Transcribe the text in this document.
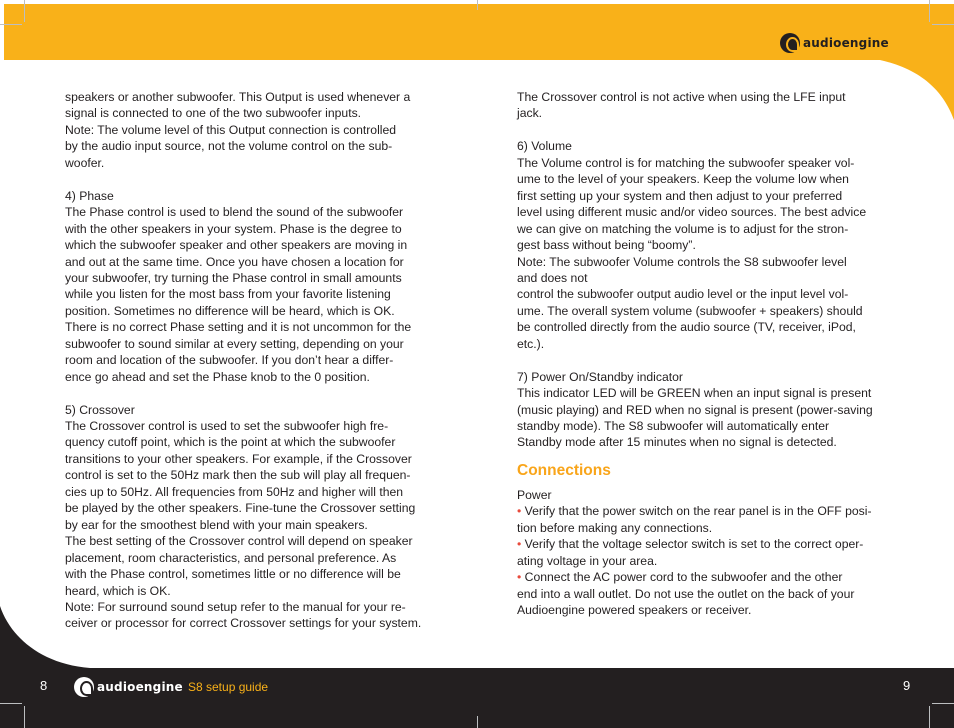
audioengine

speakers or another subwoofer. This Output is used whenever a

signal is connected to one of the two subwoofer inputs.

Note: The volume level of this Output connection is controlled

by the audio input source, not the volume control on the sub-

woofer.

4) Phase

The Phase control is used to blend the sound of the subwoofer

with the other speakers in your system. Phase is the degree to

which the subwoofer speaker and other speakers are moving in

and out at the same time. Once you have chosen a location for

your subwoofer, try turning the Phase control in small amounts

while you listen for the most bass from your favorite listening

position. Sometimes no difference will be heard, which is OK.

There is no correct Phase setting and it is not uncommon for the

subwoofer to sound similar at every setting, depending on your

room and location of the subwoofer. If you don’t hear a differ-

ence go ahead and set the Phase knob to the 0 position.

5) Crossover

The Crossover control is used to set the subwoofer high fre-

quency cutoff point, which is the point at which the subwoofer

transitions to your other speakers. For example, if the Crossover

control is set to the 50Hz mark then the sub will play all frequen-

cies up to 50Hz. All frequencies from 50Hz and higher will then

be played by the other speakers. Fine-tune the Crossover setting

by ear for the smoothest blend with your main speakers.

The best setting of the Crossover control will depend on speaker

placement, room characteristics, and personal preference. As

with the Phase control, sometimes little or no difference will be

heard, which is OK.

Note: For surround sound setup refer to the manual for your re-

ceiver or processor for correct Crossover settings for your system.

The Crossover control is not active when using the LFE input

jack.

6) Volume

The Volume control is for matching the subwoofer speaker vol-

ume to the level of your speakers. Keep the volume low when

first setting up your system and then adjust to your preferred

level using different music and/or video sources. The best advice

we can give on matching the volume is to adjust for the stron-

gest bass without being “boomy”.

Note: The subwoofer Volume controls the S8 subwoofer level

and does not

control the subwoofer output audio level or the input level vol-

ume. The overall system volume (subwoofer + speakers) should

be controlled directly from the audio source (TV, receiver, iPod,

etc.).

7) Power On/Standby indicator

This indicator LED will be GREEN when an input signal is present

(music playing) and RED when no signal is present (power-saving

standby mode). The S8 subwoofer will automatically enter

Standby mode after 15 minutes when no signal is detected.

Connections

Power

• Verify that the power switch on the rear panel is in the OFF posi-

tion before making any connections.

• Verify that the voltage selector switch is set to the correct oper-

ating voltage in your area.

• Connect the AC power cord to the subwoofer and the other

end into a wall outlet. Do not use the outlet on the back of your

Audioengine powered speakers or receiver.

8	audioengine S8 setup guide	9
